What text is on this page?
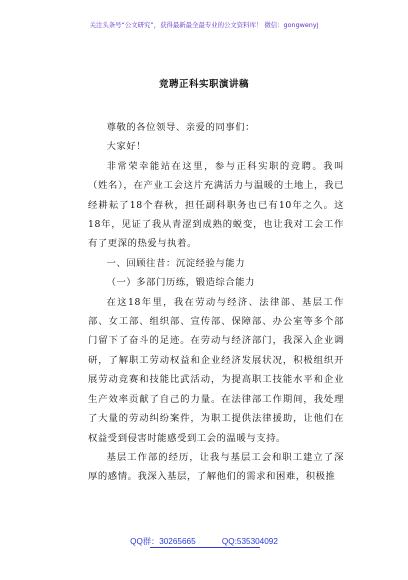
关注头条号“公文研究”，获得最新最全最专业的公文资料库！ 微信：gongwenyj
竞聘正科实职演讲稿

尊敬的各位领导、亲爱的同事们：

大家好！

非常荣幸能站在这里，参与正科实职的竞聘。我叫（姓名），在产业工会这片充满活力与温暖的土地上，我已经耕耘了18个春秋，担任副科职务也已有10年之久。这18年，见证了我从青涩到成熟的蜕变，也让我对工会工作有了更深的热爱与执着。

一、回顾往昔：沉淀经验与能力

（一）多部门历练，锻造综合能力

在这18年里，我在劳动与经济、法律部、基层工作部、女工部、组织部、宣传部、保障部、办公室等多个部门留下了奋斗的足迹。在劳动与经济部门，我深入企业调研，了解职工劳动权益和企业经济发展状况，积极组织开展劳动竞赛和技能比武活动，为提高职工技能水平和企业生产效率贡献了自己的力量。在法律部工作期间，我处理了大量的劳动纠纷案件，为职工提供法律援助，让他们在权益受到侵害时能感受到工会的温暖与支持。

基层工作部的经历，让我与基层工会和职工建立了深厚的感情。我深入基层，了解他们的需求和困难，积极推

QQ群：30265665	QQ:535304092
